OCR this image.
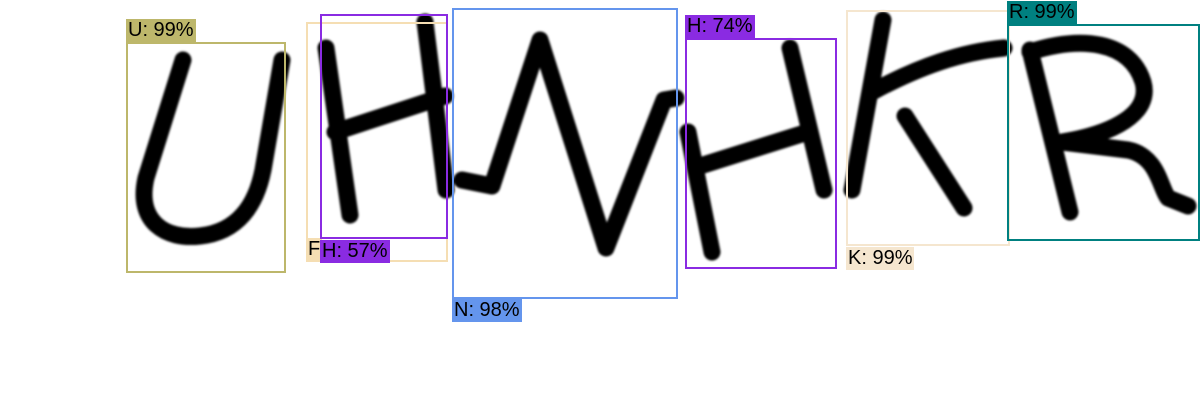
U: 99%
F H: 57%
N: 98%
H: 74%
K: 99%
R: 99%
